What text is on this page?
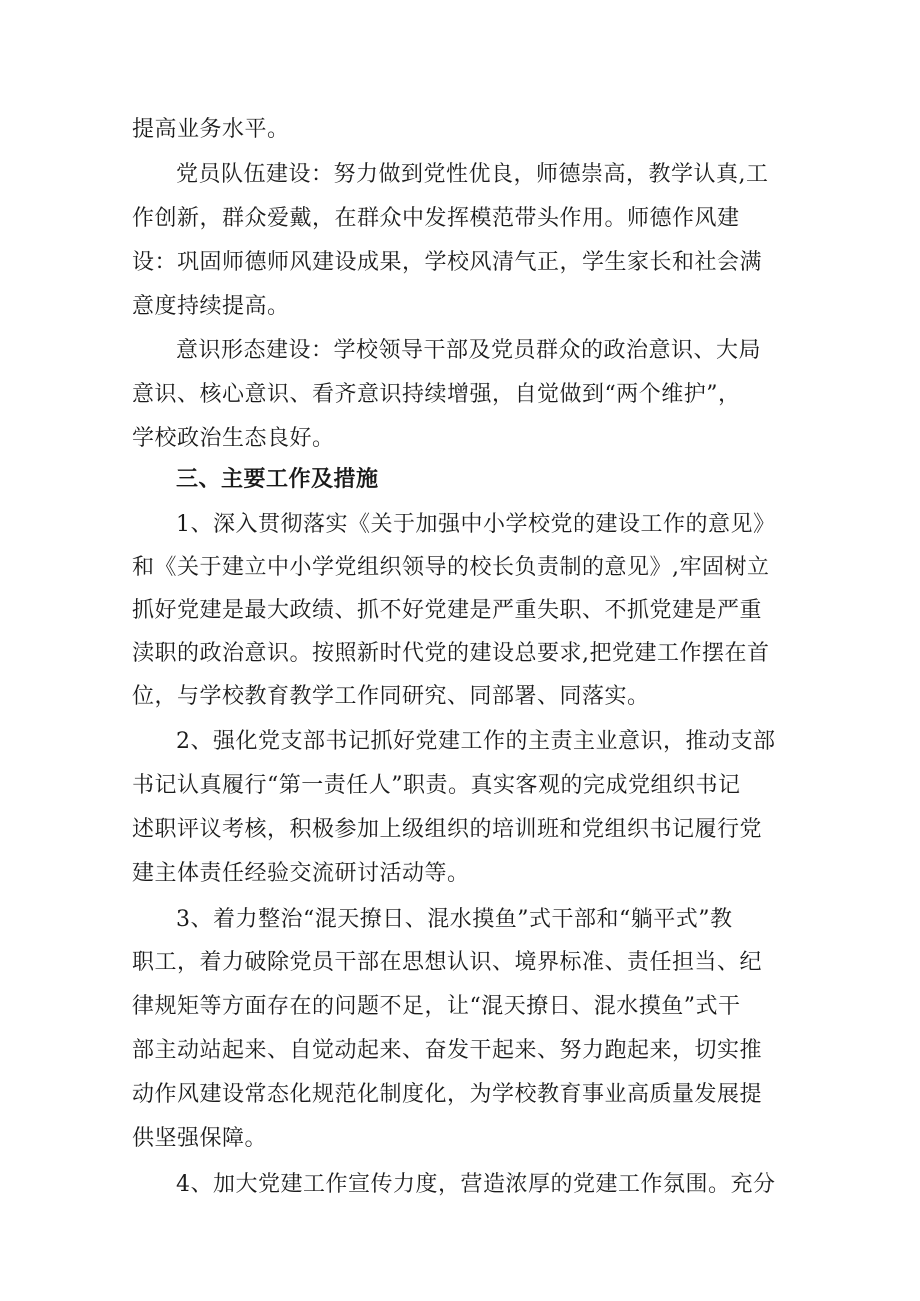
提高业务水平。
党员队伍建设：努力做到党性优良，师德崇高，教学认真,工
作创新，群众爱戴，在群众中发挥模范带头作用。师德作风建
设：巩固师德师风建设成果，学校风清气正，学生家长和社会满
意度持续提高。
意识形态建设：学校领导干部及党员群众的政治意识、大局
意识、核心意识、看齐意识持续增强，自觉做到“两个维护”，
学校政治生态良好。
三、主要工作及措施
1、深入贯彻落实《关于加强中小学校党的建设工作的意见》
和《关于建立中小学党组织领导的校长负责制的意见》,牢固树立
抓好党建是最大政绩、抓不好党建是严重失职、不抓党建是严重
渎职的政治意识。按照新时代党的建设总要求,把党建工作摆在首
位，与学校教育教学工作同研究、同部署、同落实。
2、强化党支部书记抓好党建工作的主责主业意识，推动支部
书记认真履行“第一责任人”职责。真实客观的完成党组织书记
述职评议考核，积极参加上级组织的培训班和党组织书记履行党
建主体责任经验交流研讨活动等。
3、着力整治“混天撩日、混水摸鱼”式干部和“躺平式”教
职工，着力破除党员干部在思想认识、境界标准、责任担当、纪
律规矩等方面存在的问题不足，让“混天撩日、混水摸鱼”式干
部主动站起来、自觉动起来、奋发干起来、努力跑起来，切实推
动作风建设常态化规范化制度化，为学校教育事业高质量发展提
供坚强保障。
4、加大党建工作宣传力度，营造浓厚的党建工作氛围。充分
